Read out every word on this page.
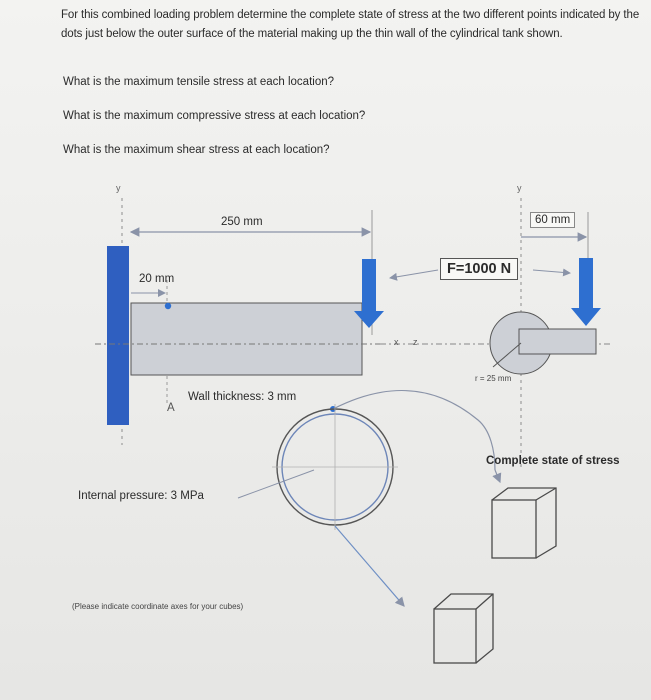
For this combined loading problem determine the complete state of stress at the two different points indicated by the dots just below the outer surface of the material making up the thin wall of the cylindrical tank shown.
What is the maximum tensile stress at each location?
What is the maximum compressive stress at each location?
What is the maximum shear stress at each location?
y	y
250 mm
20 mm
F=1000 N
60 mm
x z
r = 25 mm
A
Wall thickness: 3 mm
Internal pressure: 3 MPa
Complete state of stress
(Please indicate coordinate axes for your cubes)
